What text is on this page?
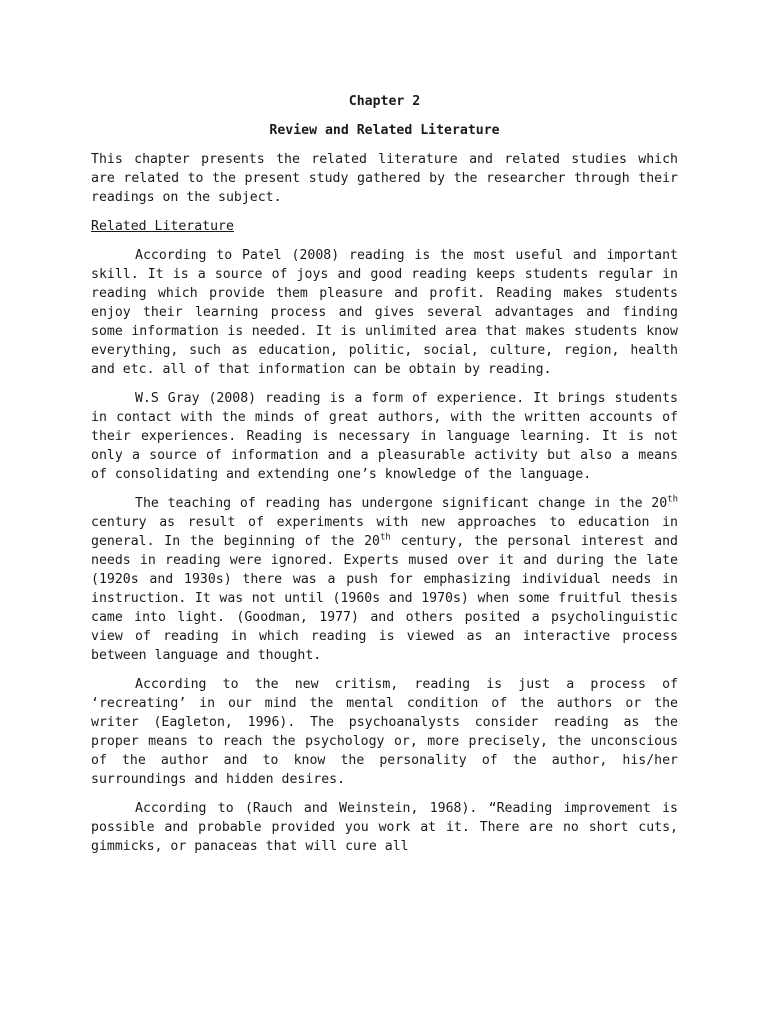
Chapter 2
Review and Related Literature

This chapter presents the related literature and related studies which are related to the present study gathered by the researcher through their readings on the subject.

Related Literature

According to Patel (2008) reading is the most useful and important skill. It is a source of joys and good reading keeps students regular in reading which provide them pleasure and profit. Reading makes students enjoy their learning process and gives several advantages and finding some information is needed. It is unlimited area that makes students know everything, such as education, politic, social, culture, region, health and etc. all of that information can be obtain by reading.

W.S Gray (2008) reading is a form of experience. It brings students in contact with the minds of great authors, with the written accounts of their experiences. Reading is necessary in language learning. It is not only a source of information and a pleasurable activity but also a means of consolidating and extending one’s knowledge of the language.

The teaching of reading has undergone significant change in the 20th century as result of experiments with new approaches to education in general. In the beginning of the 20th century, the personal interest and needs in reading were ignored. Experts mused over it and during the late (1920s and 1930s) there was a push for emphasizing individual needs in instruction. It was not until (1960s and 1970s) when some fruitful thesis came into light. (Goodman, 1977) and others posited a psycholinguistic view of reading in which reading is viewed as an interactive process between language and thought.

According to the new critism, reading is just a process of ‘recreating’ in our mind the mental condition of the authors or the writer (Eagleton, 1996). The psychoanalysts consider reading as the proper means to reach the psychology or, more precisely, the unconscious of the author and to know the personality of the author, his/her surroundings and hidden desires.

According to (Rauch and Weinstein, 1968). “Reading improvement is possible and probable provided you work at it. There are no short cuts, gimmicks, or panaceas that will cure all
